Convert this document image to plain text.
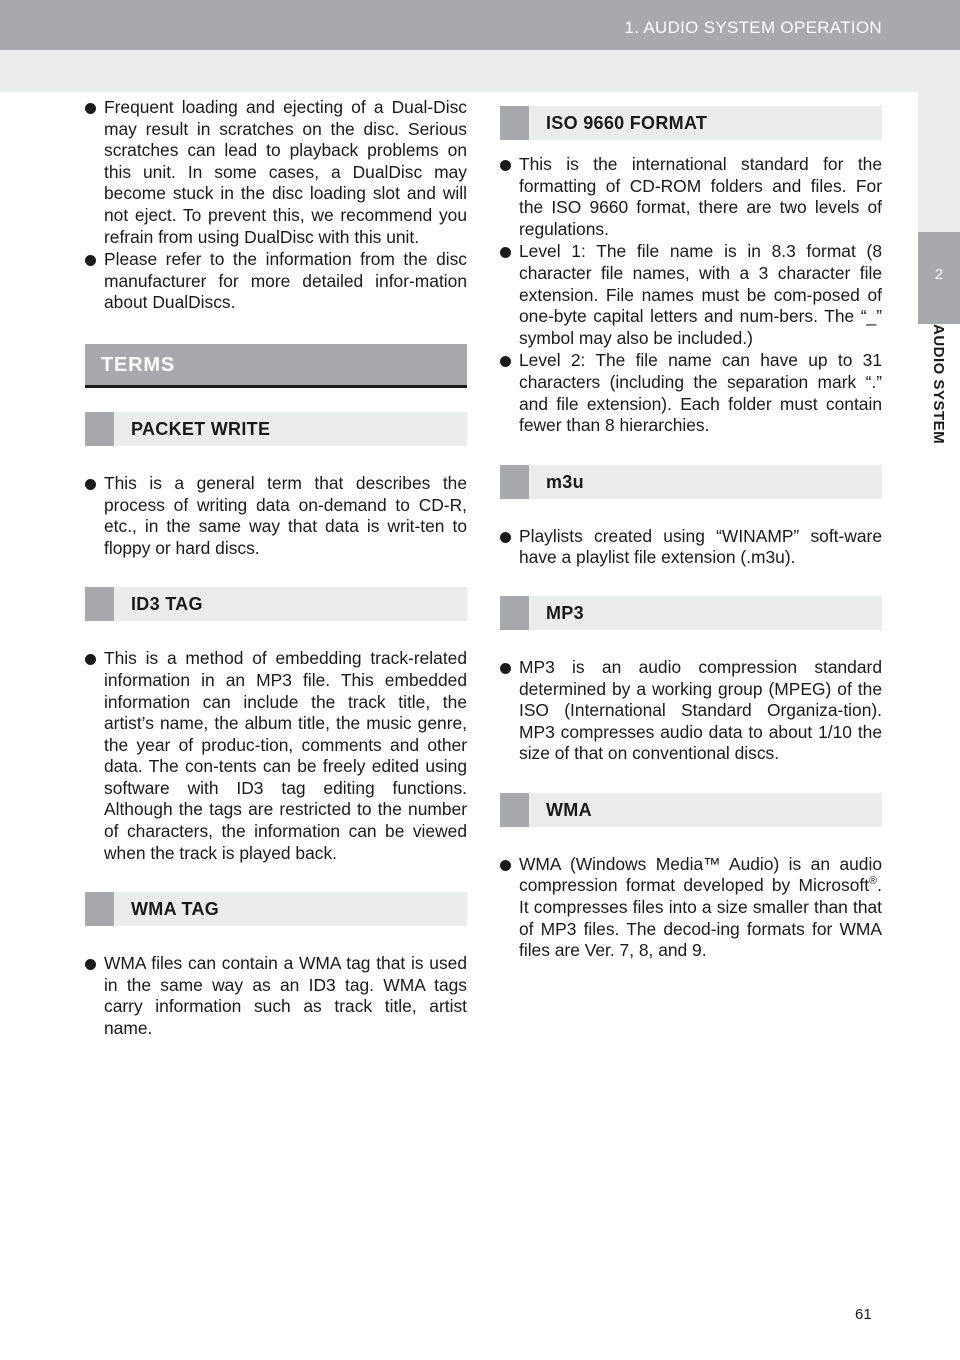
1. AUDIO SYSTEM OPERATION
2
AUDIO SYSTEM
Frequent loading and ejecting of a Dual-Disc may result in scratches on the disc. Serious scratches can lead to playback problems on this unit. In some cases, a DualDisc may become stuck in the disc loading slot and will not eject. To prevent this, we recommend you refrain from using DualDisc with this unit.
Please refer to the information from the disc manufacturer for more detailed infor-mation about DualDiscs.
TERMS
PACKET WRITE
This is a general term that describes the process of writing data on-demand to CD-R, etc., in the same way that data is writ-ten to floppy or hard discs.
ID3 TAG
This is a method of embedding track-related information in an MP3 file. This embedded information can include the track title, the artist’s name, the album title, the music genre, the year of produc-tion, comments and other data. The con-tents can be freely edited using software with ID3 tag editing functions. Although the tags are restricted to the number of characters, the information can be viewed when the track is played back.
WMA TAG
WMA files can contain a WMA tag that is used in the same way as an ID3 tag. WMA tags carry information such as track title, artist name.
ISO 9660 FORMAT
This is the international standard for the formatting of CD-ROM folders and files. For the ISO 9660 format, there are two levels of regulations.
Level 1: The file name is in 8.3 format (8 character file names, with a 3 character file extension. File names must be com-posed of one-byte capital letters and num-bers. The “_” symbol may also be included.)
Level 2: The file name can have up to 31 characters (including the separation mark “.” and file extension). Each folder must contain fewer than 8 hierarchies.
m3u
Playlists created using “WINAMP” soft-ware have a playlist file extension (.m3u).
MP3
MP3 is an audio compression standard determined by a working group (MPEG) of the ISO (International Standard Organiza-tion). MP3 compresses audio data to about 1/10 the size of that on conventional discs.
WMA
WMA (Windows Media™ Audio) is an audio compression format developed by Microsoft®. It compresses files into a size smaller than that of MP3 files. The decod-ing formats for WMA files are Ver. 7, 8, and 9.
61
